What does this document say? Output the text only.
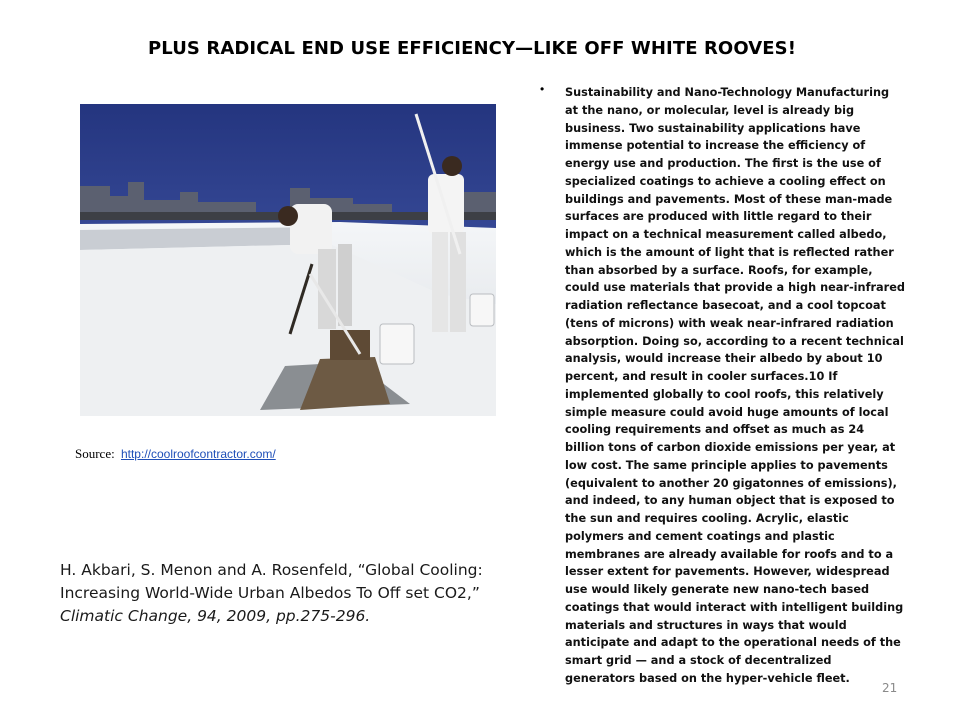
PLUS RADICAL END USE EFFICIENCY—LIKE OFF WHITE ROOVES!
Source: http://coolroofcontractor.com/
H. Akbari, S. Menon and A. Rosenfeld, “Global Cooling: Increasing World-Wide Urban Albedos To Off set CO2,” Climatic Change, 94, 2009, pp.275-296.
• Sustainability and Nano-Technology Manufacturing at the nano, or molecular, level is already big business. Two sustainability applications have immense potential to increase the efficiency of energy use and production. The first is the use of specialized coatings to achieve a cooling effect on buildings and pavements. Most of these man-made surfaces are produced with little regard to their impact on a technical measurement called albedo, which is the amount of light that is reflected rather than absorbed by a surface. Roofs, for example, could use materials that provide a high near-infrared radiation reflectance basecoat, and a cool topcoat (tens of microns) with weak near-infrared radiation absorption. Doing so, according to a recent technical analysis, would increase their albedo by about 10 percent, and result in cooler surfaces.10 If implemented globally to cool roofs, this relatively simple measure could avoid huge amounts of local cooling requirements and offset as much as 24 billion tons of carbon dioxide emissions per year, at low cost. The same principle applies to pavements (equivalent to another 20 gigatonnes of emissions), and indeed, to any human object that is exposed to the sun and requires cooling. Acrylic, elastic polymers and cement coatings and plastic membranes are already available for roofs and to a lesser extent for pavements. However, widespread use would likely generate new nano-tech based coatings that would interact with intelligent building materials and structures in ways that would anticipate and adapt to the operational needs of the smart grid — and a stock of decentralized generators based on the hyper-vehicle fleet.
21
